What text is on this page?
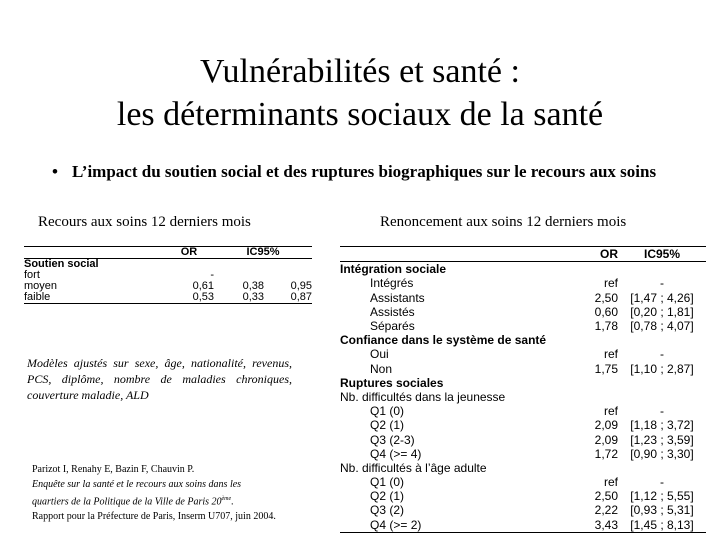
Vulnérabilités et santé :
les déterminants sociaux de la santé
• L’impact du soutien social et des ruptures biographiques sur le recours aux soins
Recours aux soins 12 derniers mois	Renoncement aux soins 12 derniers mois
	OR	IC95%	
Soutien social			
fort	-		
moyen	0,61	0,38	0,95
faible	0,53	0,33	0,87
Modèles ajustés sur sexe, âge, nationalité, revenus, PCS, diplôme, nombre de maladies chroniques, couverture maladie, ALD
Parizot I, Renahy E, Bazin F, Chauvin P.
Enquête sur la santé et le recours aux soins dans les
quartiers de la Politique de la Ville de Paris 20ème.
Rapport pour la Préfecture de Paris, Inserm U707, juin 2004.
	OR	IC95%
Intégration sociale		
Intégrés	ref	-
Assistants	2,50	[1,47 ; 4,26]
Assistés	0,60	[0,20 ; 1,81]
Séparés	1,78	[0,78 ; 4,07]
Confiance dans le système de santé		
Oui	ref	-
Non	1,75	[1,10 ; 2,87]
Ruptures sociales		
Nb. difficultés dans la jeunesse		
Q1 (0)	ref	-
Q2 (1)	2,09	[1,18 ; 3,72]
Q3 (2-3)	2,09	[1,23 ; 3,59]
Q4 (>= 4)	1,72	[0,90 ; 3,30]
Nb. difficultés à l’âge adulte		
Q1 (0)	ref	-
Q2 (1)	2,50	[1,12 ; 5,55]
Q3 (2)	2,22	[0,93 ; 5,31]
Q4 (>= 2)	3,43	[1,45 ; 8,13]
